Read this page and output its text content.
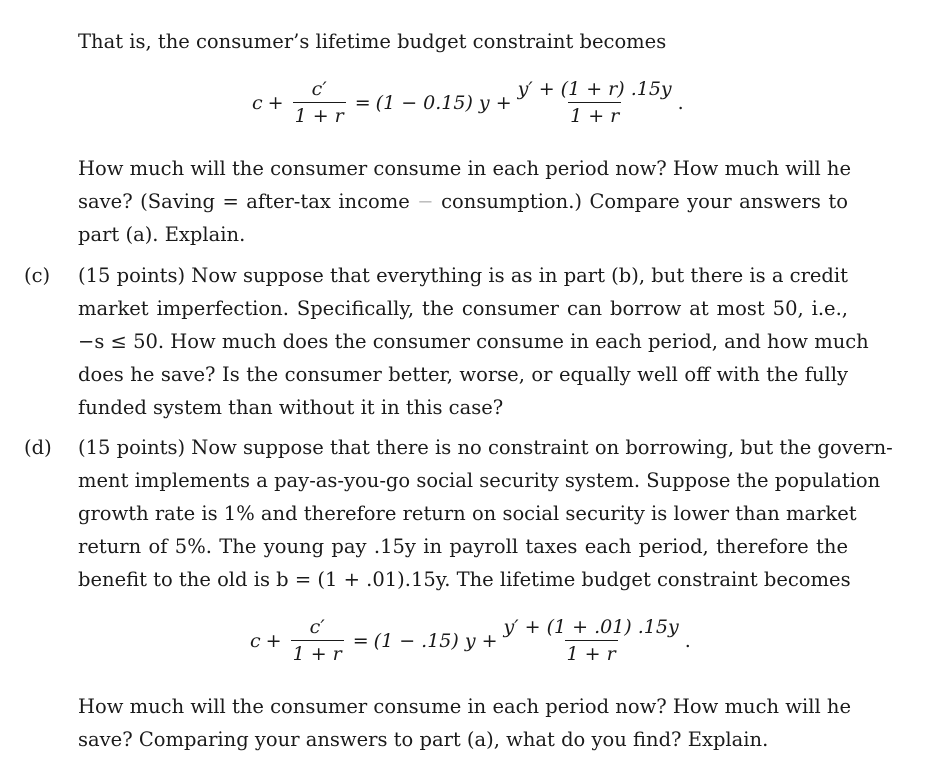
That is, the consumer’s lifetime budget constraint becomes
$c + \frac{c'}{1 + r} = (1 - 0.15) y + \frac{y' + (1 + r) .15y}{1 + r}$ .
How much will the consumer consume in each period now? How much will he
save? (Saving = after-tax income − consumption.) Compare your answers to
part (a). Explain.
(c) (15 points) Now suppose that everything is as in part (b), but there is a credit
market imperfection. Specifically, the consumer can borrow at most 50, i.e.,
−s ≤ 50. How much does the consumer consume in each period, and how much
does he save? Is the consumer better, worse, or equally well off with the fully
funded system than without it in this case?
(d) (15 points) Now suppose that there is no constraint on borrowing, but the govern-
ment implements a pay-as-you-go social security system. Suppose the population
growth rate is 1% and therefore return on social security is lower than market
return of 5%. The young pay .15y in payroll taxes each period, therefore the
benefit to the old is b = (1 + .01).15y. The lifetime budget constraint becomes
$c + \frac{c'}{1 + r} = (1 - .15) y + \frac{y' + (1 + .01) .15y}{1 + r}$ .
How much will the consumer consume in each period now? How much will he
save? Comparing your answers to part (a), what do you find? Explain.
